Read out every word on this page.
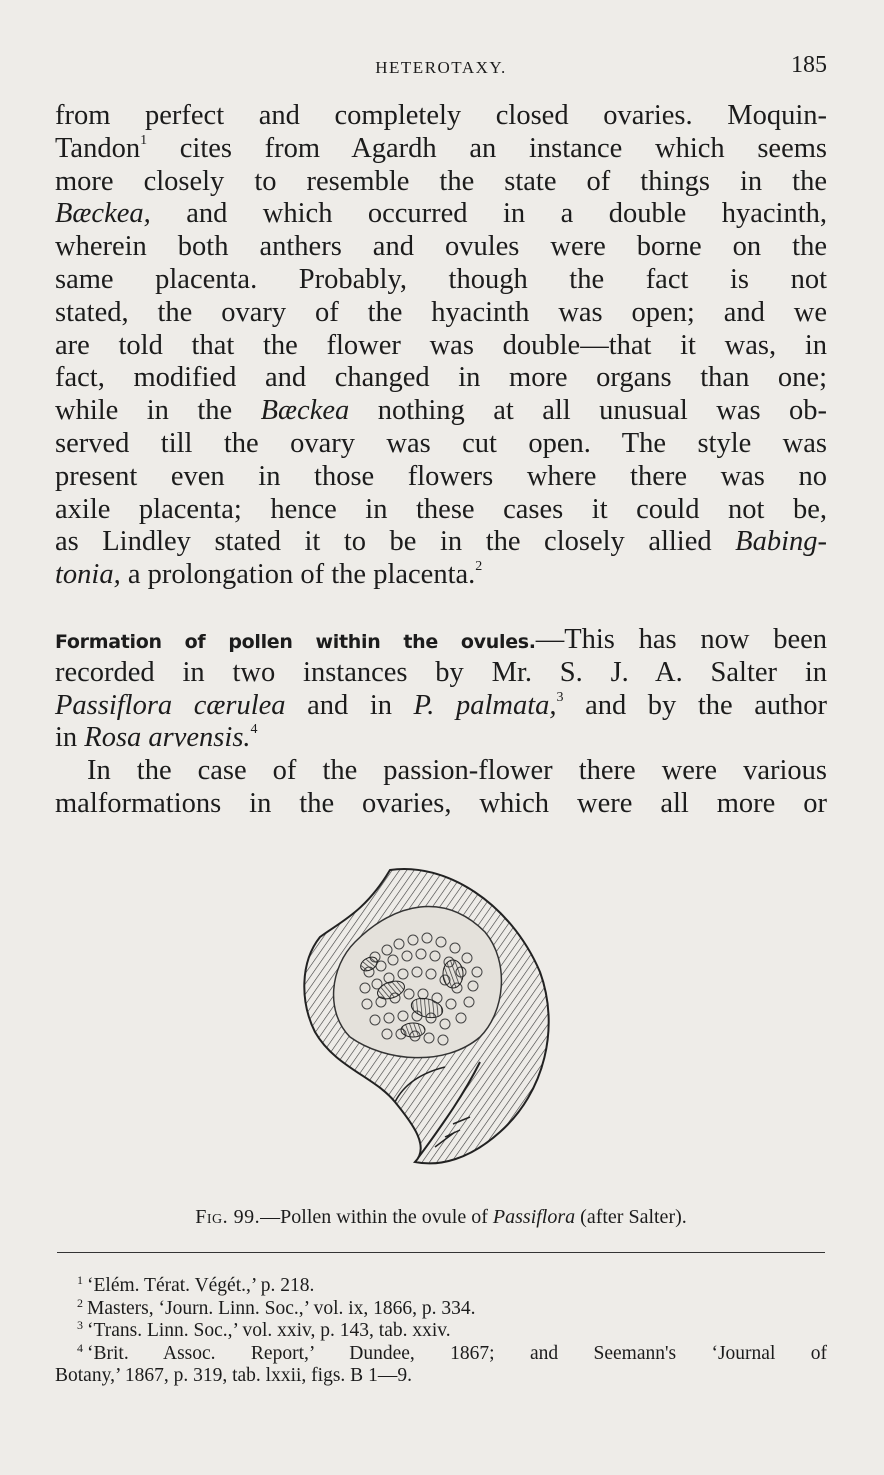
HETEROTAXY.	185
from perfect and completely closed ovaries. Moquin-
Tandon$^1$ cites from Agardh an instance which seems
more closely to resemble the state of things in the
Bæckea, and which occurred in a double hyacinth,
wherein both anthers and ovules were borne on the
same placenta. Probably, though the fact is not
stated, the ovary of the hyacinth was open; and we
are told that the flower was double—that it was, in
fact, modified and changed in more organs than one;
while in the Bæckea nothing at all unusual was ob-
served till the ovary was cut open. The style was
present even in those flowers where there was no
axile placenta; hence in these cases it could not be,
as Lindley stated it to be in the closely allied Babing-
tonia, a prolongation of the placenta.$^2$
Formation of pollen within the ovules.—This has now been
recorded in two instances by Mr. S. J. A. Salter in
Passiflora cærulea and in P. palmata,$^3$ and by the author
in Rosa arvensis.$^4$
In the case of the passion-flower there were various
malformations in the ovaries, which were all more or
Fig. 99.—Pollen within the ovule of Passiflora (after Salter).
$^1$ ‘Elém. Térat. Végét.,’ p. 218.
$^2$ Masters, ‘Journ. Linn. Soc.,’ vol. ix, 1866, p. 334.
$^3$ ‘Trans. Linn. Soc.,’ vol. xxiv, p. 143, tab. xxiv.
$^4$ ‘Brit. Assoc. Report,’ Dundee, 1867; and Seemann's ‘Journal of
Botany,’ 1867, p. 319, tab. lxxii, figs. B 1—9.
